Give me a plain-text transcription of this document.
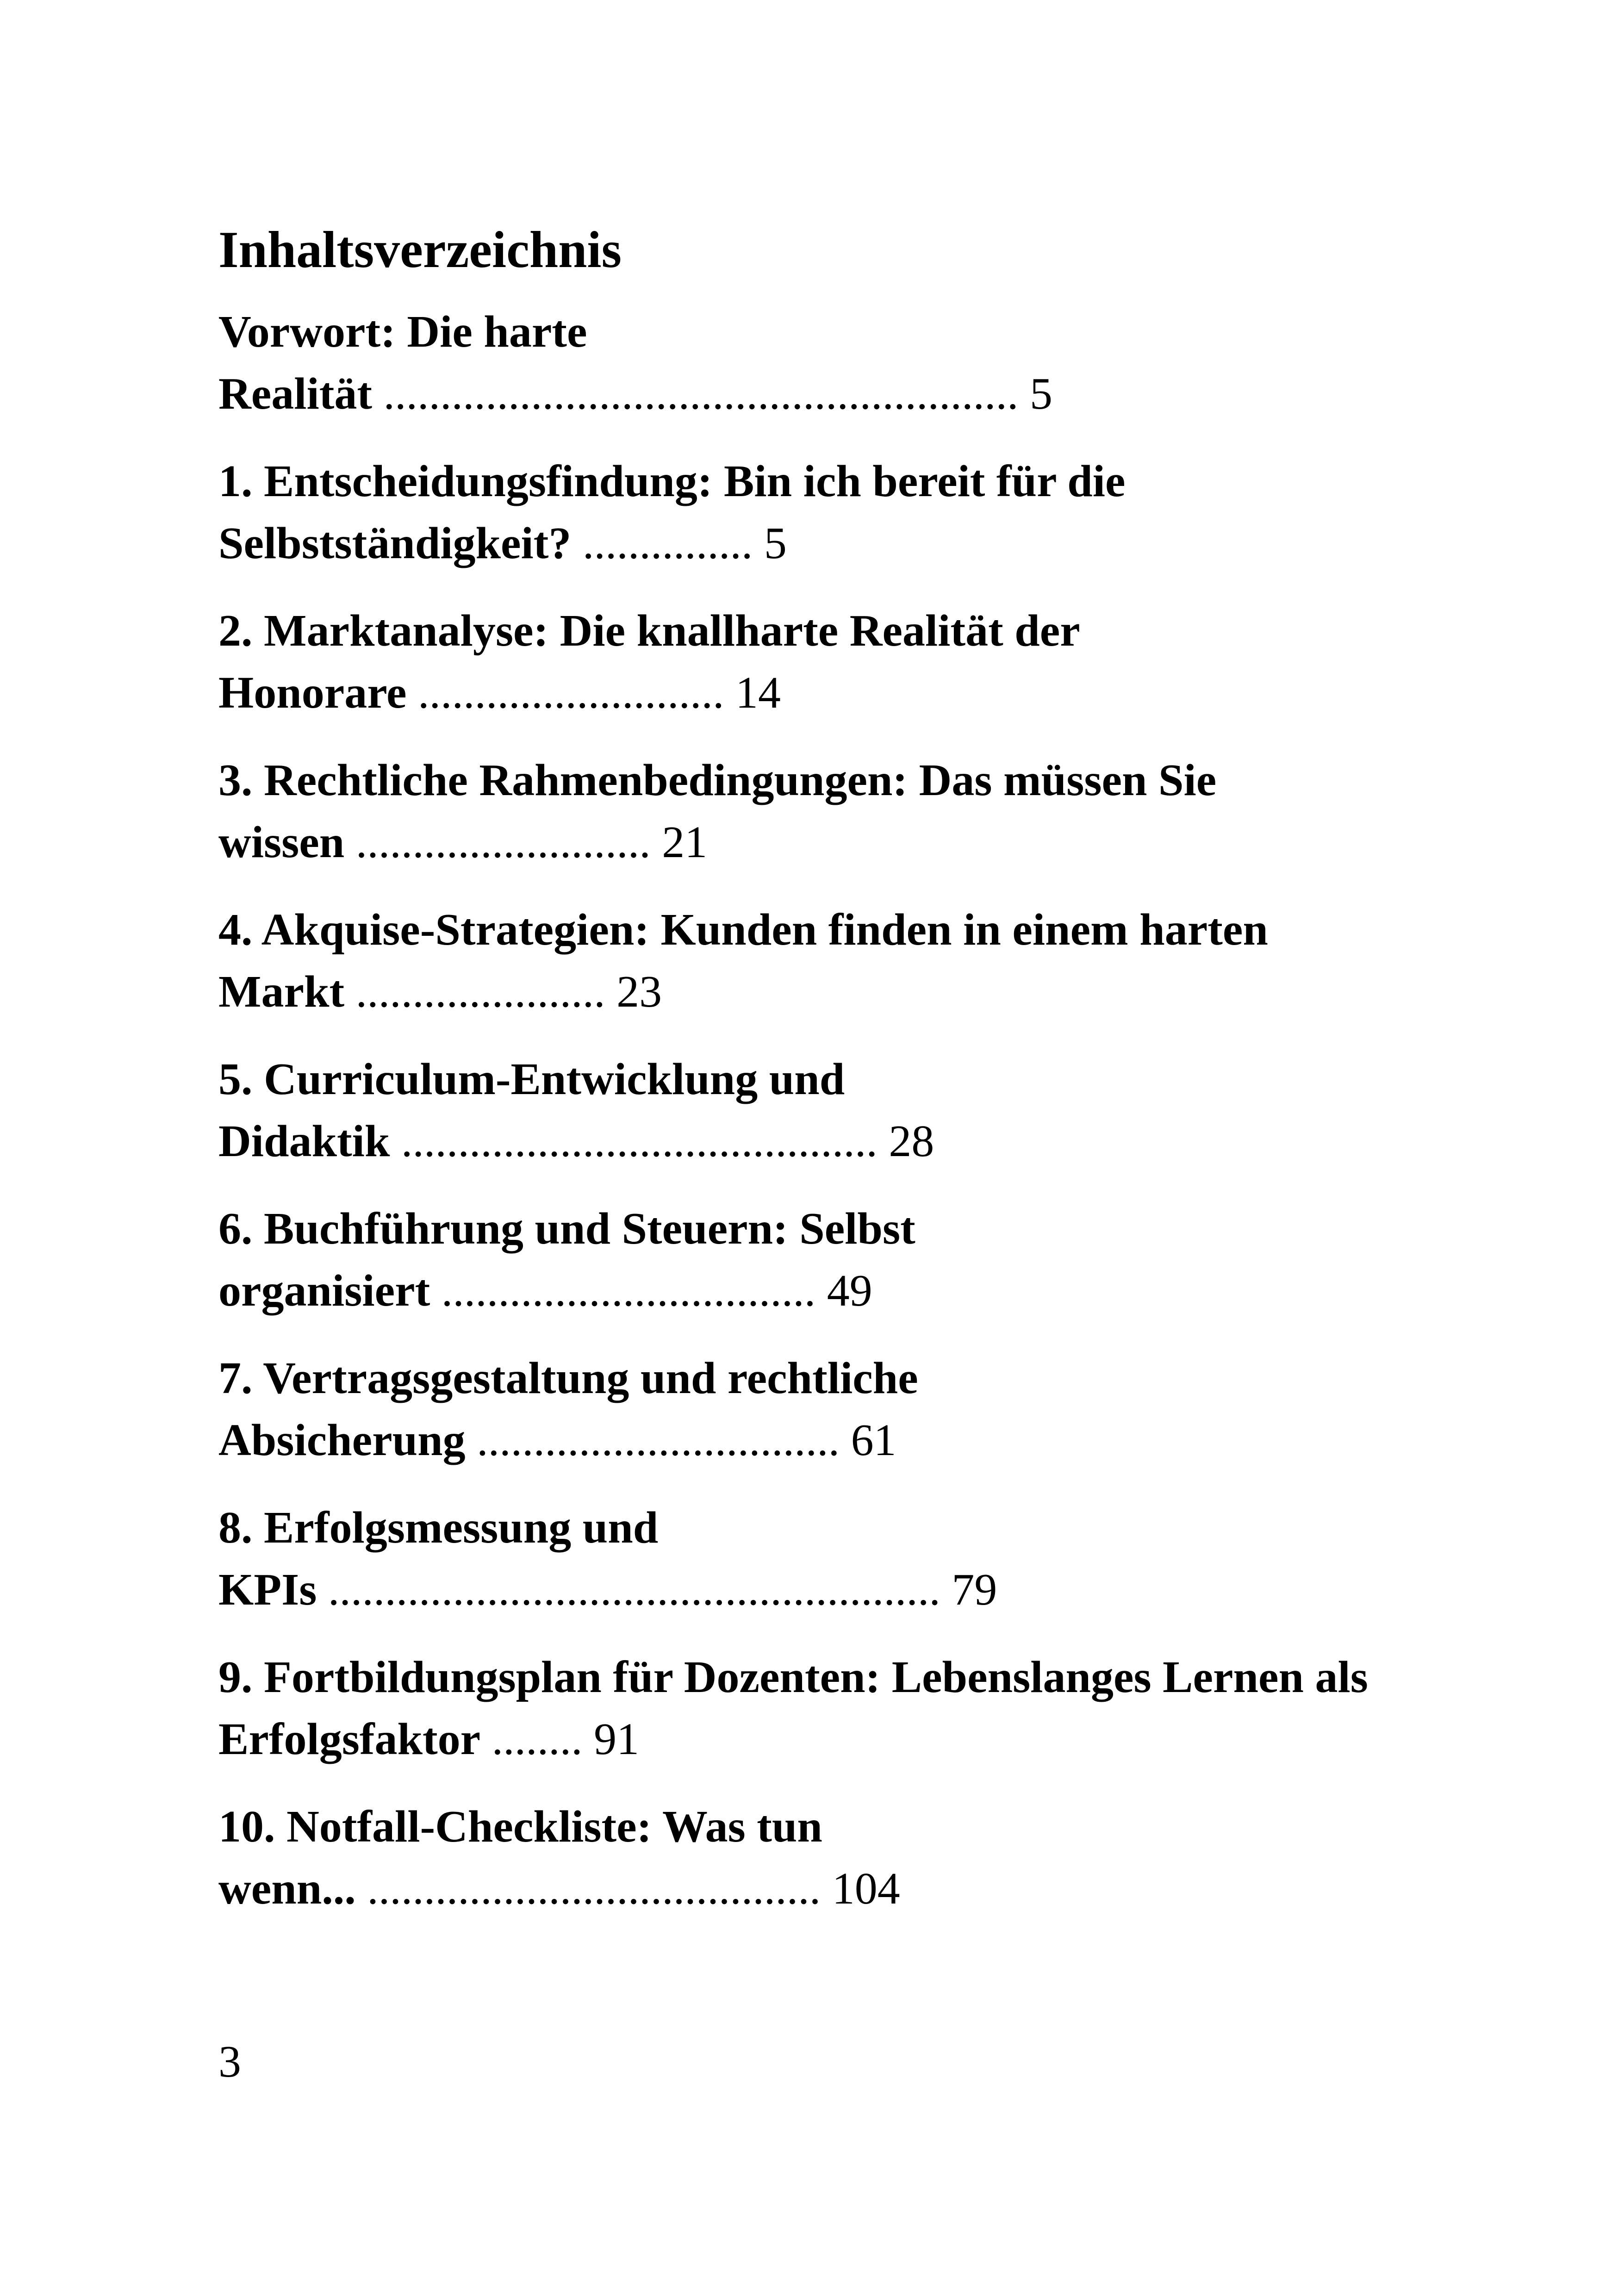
Inhaltsverzeichnis
Vorwort: Die harte
Realität ........................................................ 5
1. Entscheidungsfindung: Bin ich bereit für die
Selbstständigkeit? ............... 5
2. Marktanalyse: Die knallharte Realität der
Honorare ........................... 14
3. Rechtliche Rahmenbedingungen: Das müssen Sie
wissen .......................... 21
4. Akquise-Strategien: Kunden finden in einem harten
Markt ...................... 23
5. Curriculum-Entwicklung und
Didaktik .......................................... 28
6. Buchführung und Steuern: Selbst
organisiert ................................. 49
7. Vertragsgestaltung und rechtliche
Absicherung ................................ 61
8. Erfolgsmessung und
KPIs ...................................................... 79
9. Fortbildungsplan für Dozenten: Lebenslanges Lernen als
Erfolgsfaktor ........ 91
10. Notfall-Checkliste: Was tun
wenn... ........................................ 104

3
